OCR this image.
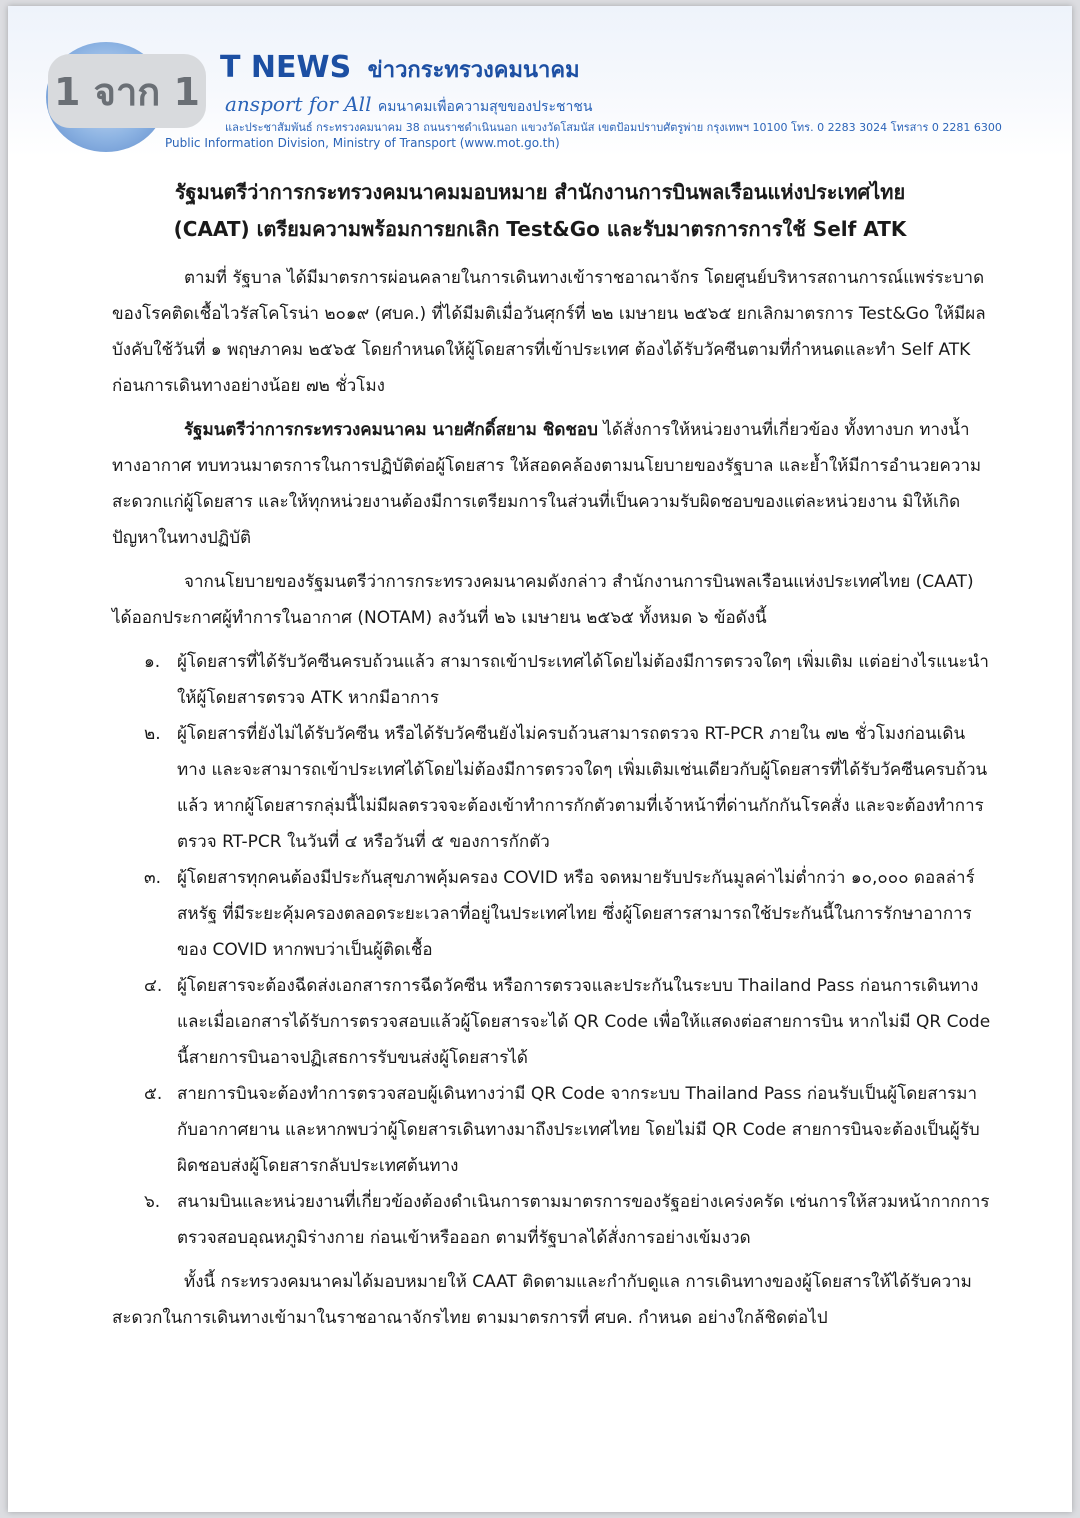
T NEWS ข่าวกระทรวงคมนาคม
ansport for All คมนาคมเพื่อความสุขของประชาชน
และประชาสัมพันธ์ กระทรวงคมนาคม 38 ถนนราชดำเนินนอก แขวงวัดโสมนัส เขตป้อมปราบศัตรูพ่าย กรุงเทพฯ 10100 โทร. 0 2283 3024 โทรสาร 0 2281 6300
Public Information Division, Ministry of Transport (www.mot.go.th)
รัฐมนตรีว่าการกระทรวงคมนาคมมอบหมาย สำนักงานการบินพลเรือนแห่งประเทศไทย
(CAAT) เตรียมความพร้อมการยกเลิก Test&Go และรับมาตรการการใช้ Self ATK

ตามที่ รัฐบาล ได้มีมาตรการผ่อนคลายในการเดินทางเข้าราชอาณาจักร โดยศูนย์บริหารสถานการณ์แพร่ระบาดของโรคติดเชื้อไวรัสโคโรน่า ๒๐๑๙ (ศบค.) ที่ได้มีมติเมื่อวันศุกร์ที่ ๒๒ เมษายน ๒๕๖๕ ยกเลิกมาตรการ Test&Go ให้มีผลบังคับใช้วันที่ ๑ พฤษภาคม ๒๕๖๕ โดยกำหนดให้ผู้โดยสารที่เข้าประเทศ ต้องได้รับวัคซีนตามที่กำหนดและทำ Self ATK ก่อนการเดินทางอย่างน้อย ๗๒ ชั่วโมง

รัฐมนตรีว่าการกระทรวงคมนาคม นายศักดิ์สยาม ชิดชอบ ได้สั่งการให้หน่วยงานที่เกี่ยวข้อง ทั้งทางบก ทางน้ำ ทางอากาศ ทบทวนมาตรการในการปฏิบัติต่อผู้โดยสาร ให้สอดคล้องตามนโยบายของรัฐบาล และย้ำให้มีการอำนวยความสะดวกแก่ผู้โดยสาร และให้ทุกหน่วยงานต้องมีการเตรียมการในส่วนที่เป็นความรับผิดชอบของแต่ละหน่วยงาน มิให้เกิดปัญหาในทางปฏิบัติ

จากนโยบายของรัฐมนตรีว่าการกระทรวงคมนาคมดังกล่าว สำนักงานการบินพลเรือนแห่งประเทศไทย (CAAT) ได้ออกประกาศผู้ทำการในอากาศ (NOTAM) ลงวันที่ ๒๖ เมษายน ๒๕๖๕ ทั้งหมด ๖ ข้อดังนี้

๑. ผู้โดยสารที่ได้รับวัคซีนครบถ้วนแล้ว สามารถเข้าประเทศได้โดยไม่ต้องมีการตรวจใดๆ เพิ่มเติม แต่อย่างไรแนะนำให้ผู้โดยสารตรวจ ATK หากมีอาการ
๒. ผู้โดยสารที่ยังไม่ได้รับวัคซีน หรือได้รับวัคซีนยังไม่ครบถ้วนสามารถตรวจ RT-PCR ภายใน ๗๒ ชั่วโมงก่อนเดินทาง และจะสามารถเข้าประเทศได้โดยไม่ต้องมีการตรวจใดๆ เพิ่มเติมเช่นเดียวกับผู้โดยสารที่ได้รับวัคซีนครบถ้วนแล้ว หากผู้โดยสารกลุ่มนี้ไม่มีผลตรวจจะต้องเข้าทำการกักตัวตามที่เจ้าหน้าที่ด่านกักกันโรคสั่ง และจะต้องทำการตรวจ RT-PCR ในวันที่ ๔ หรือวันที่ ๕ ของการกักตัว
๓. ผู้โดยสารทุกคนต้องมีประกันสุขภาพคุ้มครอง COVID หรือ จดหมายรับประกันมูลค่าไม่ต่ำกว่า ๑๐,๐๐๐ ดอลล่าร์สหรัฐ ที่มีระยะคุ้มครองตลอดระยะเวลาที่อยู่ในประเทศไทย ซึ่งผู้โดยสารสามารถใช้ประกันนี้ในการรักษาอาการของ COVID หากพบว่าเป็นผู้ติดเชื้อ
๔. ผู้โดยสารจะต้องฉีดส่งเอกสารการฉีดวัคซีน หรือการตรวจและประกันในระบบ Thailand Pass ก่อนการเดินทางและเมื่อเอกสารได้รับการตรวจสอบแล้วผู้โดยสารจะได้ QR Code เพื่อให้แสดงต่อสายการบิน หากไม่มี QR Code นี้สายการบินอาจปฏิเสธการรับขนส่งผู้โดยสารได้
๕. สายการบินจะต้องทำการตรวจสอบผู้เดินทางว่ามี QR Code จากระบบ Thailand Pass ก่อนรับเป็นผู้โดยสารมากับอากาศยาน และหากพบว่าผู้โดยสารเดินทางมาถึงประเทศไทย โดยไม่มี QR Code สายการบินจะต้องเป็นผู้รับผิดชอบส่งผู้โดยสารกลับประเทศต้นทาง
๖. สนามบินและหน่วยงานที่เกี่ยวข้องต้องดำเนินการตามมาตรการของรัฐอย่างเคร่งครัด เช่นการให้สวมหน้ากากการตรวจสอบอุณหภูมิร่างกาย ก่อนเข้าหรือออก ตามที่รัฐบาลได้สั่งการอย่างเข้มงวด

ทั้งนี้ กระทรวงคมนาคมได้มอบหมายให้ CAAT ติดตามและกำกับดูแล การเดินทางของผู้โดยสารให้ได้รับความสะดวกในการเดินทางเข้ามาในราชอาณาจักรไทย ตามมาตรการที่ ศบค. กำหนด อย่างใกล้ชิดต่อไป

1 จาก 1
